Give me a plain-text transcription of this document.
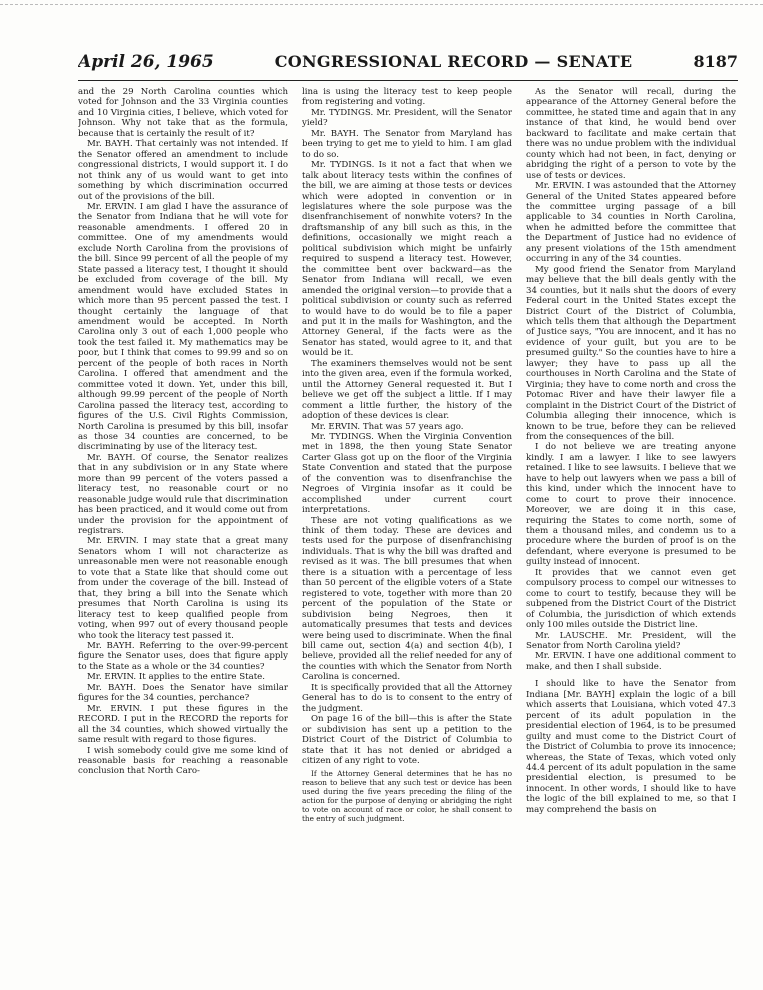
April 26, 1965	CONGRESSIONAL RECORD — SENATE	8187

and the 29 North Carolina counties which voted for Johnson and the 33 Virginia counties and 10 Virginia cities, I believe, which voted for Johnson. Why not take that as the formula, because that is certainly the result of it?

Mr. BAYH. That certainly was not intended. If the Senator offered an amendment to include congressional districts, I would support it. I do not think any of us would want to get into something by which discrimination occurred out of the provisions of the bill.

Mr. ERVIN. I am glad I have the assurance of the Senator from Indiana that he will vote for reasonable amendments. I offered 20 in committee. One of my amendments would exclude North Carolina from the provisions of the bill. Since 99 percent of all the people of my State passed a literacy test, I thought it should be excluded from coverage of the bill. My amendment would have excluded States in which more than 95 percent passed the test. I thought certainly the language of that amendment would be accepted. In North Carolina only 3 out of each 1,000 people who took the test failed it. My mathematics may be poor, but I think that comes to 99.99 and so on percent of the people of both races in North Carolina. I offered that amendment and the committee voted it down. Yet, under this bill, although 99.99 percent of the people of North Carolina passed the literacy test, according to figures of the U.S. Civil Rights Commission, North Carolina is presumed by this bill, insofar as those 34 counties are concerned, to be discriminating by use of the literacy test.

Mr. BAYH. Of course, the Senator realizes that in any subdivision or in any State where more than 99 percent of the voters passed a literacy test, no reasonable court or no reasonable judge would rule that discrimination has been practiced, and it would come out from under the provision for the appointment of registrars.

Mr. ERVIN. I may state that a great many Senators whom I will not characterize as unreasonable men were not reasonable enough to vote that a State like that should come out from under the coverage of the bill. Instead of that, they bring a bill into the Senate which presumes that North Carolina is using its literacy test to keep qualified people from voting, when 997 out of every thousand people who took the literacy test passed it.

Mr. BAYH. Referring to the over-99-percent figure the Senator uses, does that figure apply to the State as a whole or the 34 counties?

Mr. ERVIN. It applies to the entire State.

Mr. BAYH. Does the Senator have similar figures for the 34 counties, perchance?

Mr. ERVIN. I put these figures in the RECORD. I put in the RECORD the reports for all the 34 counties, which showed virtually the same result with regard to those figures.

I wish somebody could give me some kind of reasonable basis for reaching a reasonable conclusion that North Caro-

lina is using the literacy test to keep people from registering and voting.

Mr. TYDINGS. Mr. President, will the Senator yield?

Mr. BAYH. The Senator from Maryland has been trying to get me to yield to him. I am glad to do so.

Mr. TYDINGS. Is it not a fact that when we talk about literacy tests within the confines of the bill, we are aiming at those tests or devices which were adopted in convention or in legislatures where the sole purpose was the disenfranchisement of nonwhite voters? In the draftsmanship of any bill such as this, in the definitions, occasionally we might reach a political subdivision which might be unfairly required to suspend a literacy test. However, the committee bent over backward—as the Senator from Indiana will recall, we even amended the original version—to provide that a political subdivision or county such as referred to would have to do would be to file a paper and put it in the mails for Washington, and the Attorney General, if the facts were as the Senator has stated, would agree to it, and that would be it.

The examiners themselves would not be sent into the given area, even if the formula worked, until the Attorney General requested it. But I believe we get off the subject a little. If I may comment a little further, the history of the adoption of these devices is clear.

Mr. ERVIN. That was 57 years ago.

Mr. TYDINGS. When the Virginia Convention met in 1898, the then young State Senator Carter Glass got up on the floor of the Virginia State Convention and stated that the purpose of the convention was to disenfranchise the Negroes of Virginia insofar as it could be accomplished under current court interpretations.

These are not voting qualifications as we think of them today. These are devices and tests used for the purpose of disenfranchising individuals. That is why the bill was drafted and revised as it was. The bill presumes that when there is a situation with a percentage of less than 50 percent of the eligible voters of a State registered to vote, together with more than 20 percent of the population of the State or subdivision being Negroes, then it automatically presumes that tests and devices were being used to discriminate. When the final bill came out, section 4(a) and section 4(b), I believe, provided all the relief needed for any of the counties with which the Senator from North Carolina is concerned.

It is specifically provided that all the Attorney General has to do is to consent to the entry of the judgment.

On page 16 of the bill—this is after the State or subdivision has sent up a petition to the District Court of the District of Columbia to state that it has not denied or abridged a citizen of any right to vote.

If the Attorney General determines that he has no reason to believe that any such test or device has been used during the five years preceding the filing of the action for the purpose of denying or abridging the right to vote on account of race or color, he shall consent to the entry of such judgment.

As the Senator will recall, during the appearance of the Attorney General before the committee, he stated time and again that in any instance of that kind, he would bend over backward to facilitate and make certain that there was no undue problem with the individual county which had not been, in fact, denying or abridging the right of a person to vote by the use of tests or devices.

Mr. ERVIN. I was astounded that the Attorney General of the United States appeared before the committee urging passage of a bill applicable to 34 counties in North Carolina, when he admitted before the committee that the Department of Justice had no evidence of any present violations of the 15th amendment occurring in any of the 34 counties.

My good friend the Senator from Maryland may believe that the bill deals gently with the 34 counties, but it nails shut the doors of every Federal court in the United States except the District Court of the District of Columbia, which tells them that although the Department of Justice says, "You are innocent, and it has no evidence of your guilt, but you are to be presumed guilty." So the counties have to hire a lawyer; they have to pass up all the courthouses in North Carolina and the State of Virginia; they have to come north and cross the Potomac River and have their lawyer file a complaint in the District Court of the District of Columbia alleging their innocence, which is known to be true, before they can be relieved from the consequences of the bill.

I do not believe we are treating anyone kindly. I am a lawyer. I like to see lawyers retained. I like to see lawsuits. I believe that we have to help out lawyers when we pass a bill of this kind, under which the innocent have to come to court to prove their innocence. Moreover, we are doing it in this case, requiring the States to come north, some of them a thousand miles, and condemn us to a procedure where the burden of proof is on the defendant, where everyone is presumed to be guilty instead of innocent.

It provides that we cannot even get compulsory process to compel our witnesses to come to court to testify, because they will be subpened from the District Court of the District of Columbia, the jurisdiction of which extends only 100 miles outside the District line.

Mr. LAUSCHE. Mr. President, will the Senator from North Carolina yield?

Mr. ERVIN. I have one additional comment to make, and then I shall subside.

I should like to have the Senator from Indiana [Mr. BAYH] explain the logic of a bill which asserts that Louisiana, which voted 47.3 percent of its adult population in the presidential election of 1964, is to be presumed guilty and must come to the District Court of the District of Columbia to prove its innocence; whereas, the State of Texas, which voted only 44.4 percent of its adult population in the same presidential election, is presumed to be innocent. In other words, I should like to have the logic of the bill explained to me, so that I may comprehend the basis on
